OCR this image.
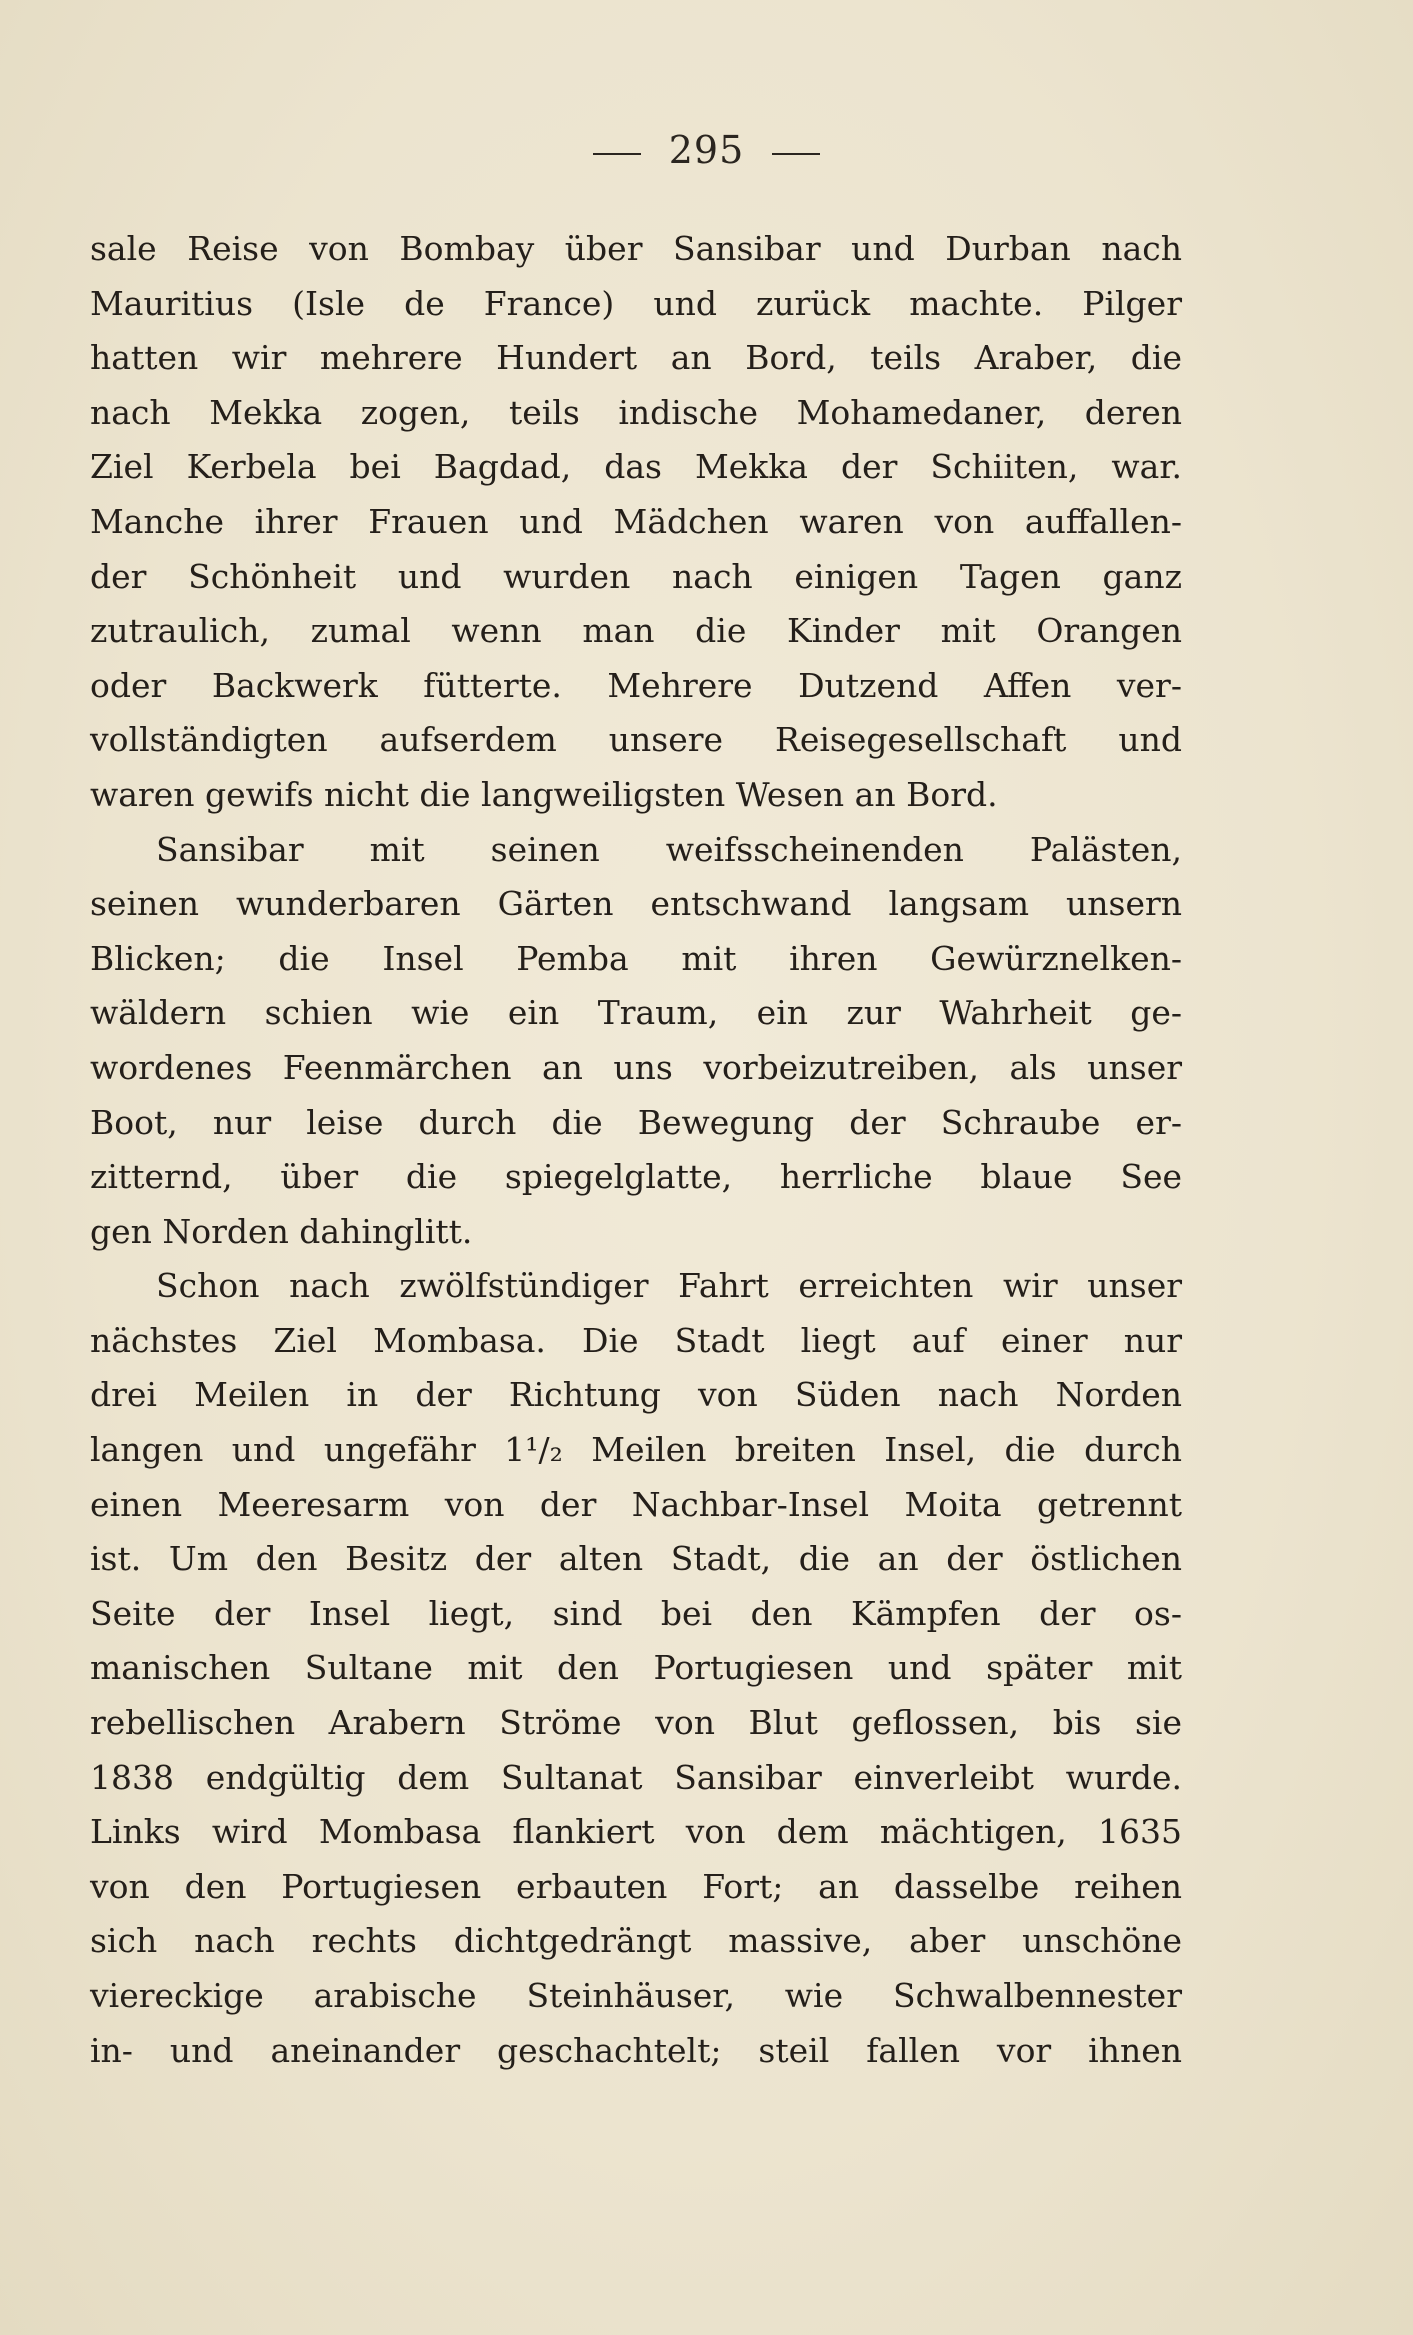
295
sale Reise von Bombay über Sansibar und Durban nach
Mauritius (Isle de France) und zurück machte. Pilger
hatten wir mehrere Hundert an Bord, teils Araber, die
nach Mekka zogen, teils indische Mohamedaner, deren
Ziel Kerbela bei Bagdad, das Mekka der Schiiten, war.
Manche ihrer Frauen und Mädchen waren von auffallen-
der Schönheit und wurden nach einigen Tagen ganz
zutraulich, zumal wenn man die Kinder mit Orangen
oder Backwerk fütterte. Mehrere Dutzend Affen ver-
vollständigten aufserdem unsere Reisegesellschaft und
waren gewifs nicht die langweiligsten Wesen an Bord.
Sansibar mit seinen weifsscheinenden Palästen,
seinen wunderbaren Gärten entschwand langsam unsern
Blicken; die Insel Pemba mit ihren Gewürznelken-
wäldern schien wie ein Traum, ein zur Wahrheit ge-
wordenes Feenmärchen an uns vorbeizutreiben, als unser
Boot, nur leise durch die Bewegung der Schraube er-
zitternd, über die spiegelglatte, herrliche blaue See
gen Norden dahinglitt.
Schon nach zwölfstündiger Fahrt erreichten wir unser
nächstes Ziel Mombasa. Die Stadt liegt auf einer nur
drei Meilen in der Richtung von Süden nach Norden
langen und ungefähr 1¹/₂ Meilen breiten Insel, die durch
einen Meeresarm von der Nachbar-Insel Moita getrennt
ist. Um den Besitz der alten Stadt, die an der östlichen
Seite der Insel liegt, sind bei den Kämpfen der os-
manischen Sultane mit den Portugiesen und später mit
rebellischen Arabern Ströme von Blut geflossen, bis sie
1838 endgültig dem Sultanat Sansibar einverleibt wurde.
Links wird Mombasa flankiert von dem mächtigen, 1635
von den Portugiesen erbauten Fort; an dasselbe reihen
sich nach rechts dichtgedrängt massive, aber unschöne
viereckige arabische Steinhäuser, wie Schwalbennester
in- und aneinander geschachtelt; steil fallen vor ihnen
